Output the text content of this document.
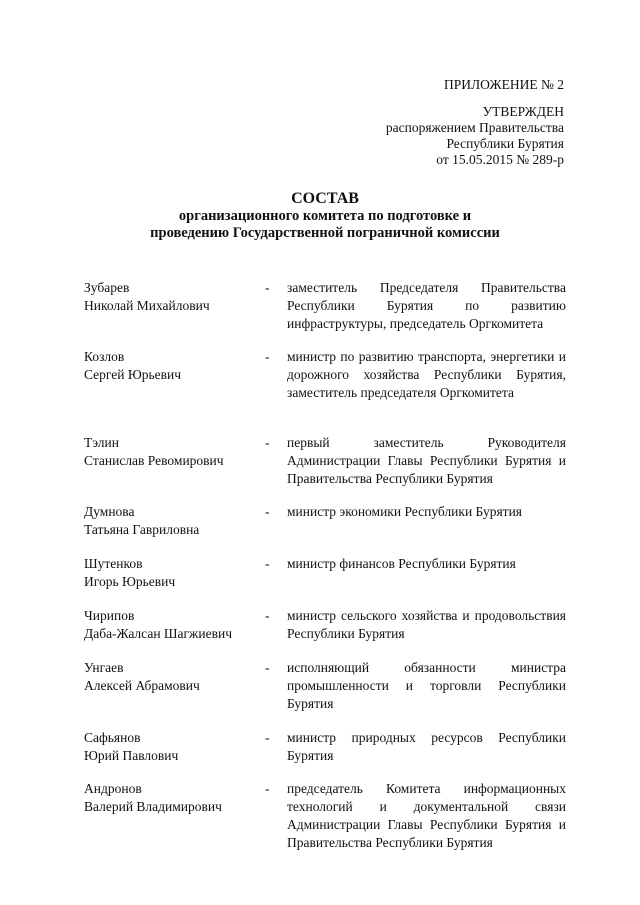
ПРИЛОЖЕНИЕ № 2
УТВЕРЖДЕН
распоряжением Правительства
Республики Бурятия
от 15.05.2015 № 289-р
СОСТАВ
организационного комитета по подготовке и
проведению Государственной пограничной комиссии
Зубарев
Николай Михайлович
-	заместитель Председателя Правительства Республики Бурятия по развитию инфраструктуры, председатель Оргкомитета
Козлов
Сергей Юрьевич
-	министр по развитию транспорта, энергетики и дорожного хозяйства Республики Бурятия, заместитель председателя Оргкомитета
Тэлин
Станислав Ревомирович
-	первый заместитель Руководителя Администрации Главы Республики Бурятия и Правительства Республики Бурятия
Думнова
Татьяна Гавриловна
-	министр экономики Республики Бурятия
Шутенков
Игорь Юрьевич
-	министр финансов Республики Бурятия
Чирипов
Даба-Жалсан Шагжиевич
-	министр сельского хозяйства и продовольствия Республики Бурятия
Унгаев
Алексей Абрамович
-	исполняющий обязанности министра промышленности и торговли Республики Бурятия
Сафьянов
Юрий Павлович
-	министр природных ресурсов Республики Бурятия
Андронов
Валерий Владимирович
-	председатель Комитета информационных технологий и документальной связи Администрации Главы Республики Бурятия и Правительства Республики Бурятия
